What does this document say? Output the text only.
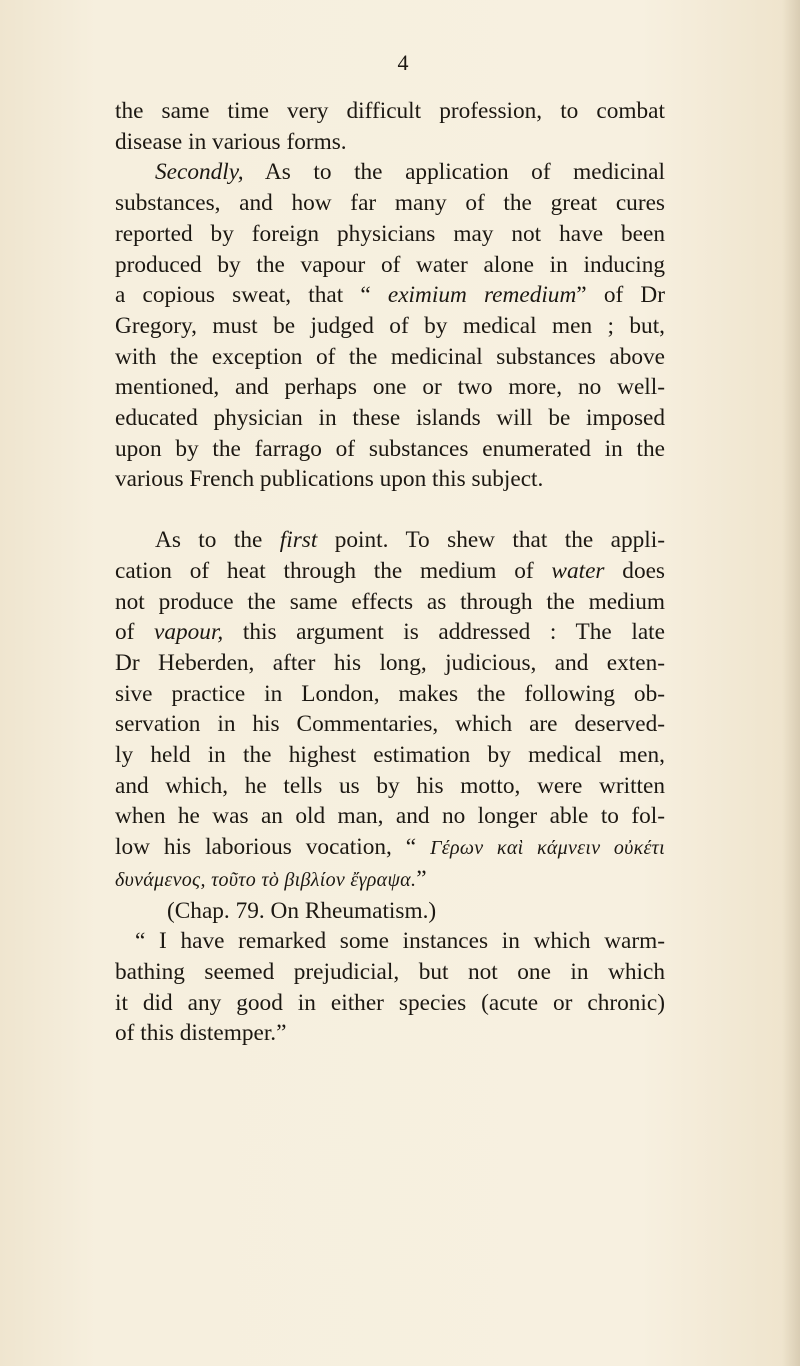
4
the same time very difficult profession, to combat
disease in various forms.
Secondly, As to the application of medicinal
substances, and how far many of the great cures
reported by foreign physicians may not have been
produced by the vapour of water alone in inducing
a copious sweat, that “ eximium remedium” of Dr
Gregory, must be judged of by medical men ; but,
with the exception of the medicinal substances above
mentioned, and perhaps one or two more, no well-
educated physician in these islands will be imposed
upon by the farrago of substances enumerated in the
various French publications upon this subject.
As to the first point. To shew that the appli-
cation of heat through the medium of water does
not produce the same effects as through the medium
of vapour, this argument is addressed : The late
Dr Heberden, after his long, judicious, and exten-
sive practice in London, makes the following ob-
servation in his Commentaries, which are deserved-
ly held in the highest estimation by medical men,
and which, he tells us by his motto, were written
when he was an old man, and no longer able to fol-
low his laborious vocation, “ Γέρων καὶ κάμνειν οὐκέτι
δυνάμενος, τοῦτο τὸ βιβλίον ἔγραψα.”
(Chap. 79. On Rheumatism.)
“ I have remarked some instances in which warm-
bathing seemed prejudicial, but not one in which
it did any good in either species (acute or chronic)
of this distemper.”
